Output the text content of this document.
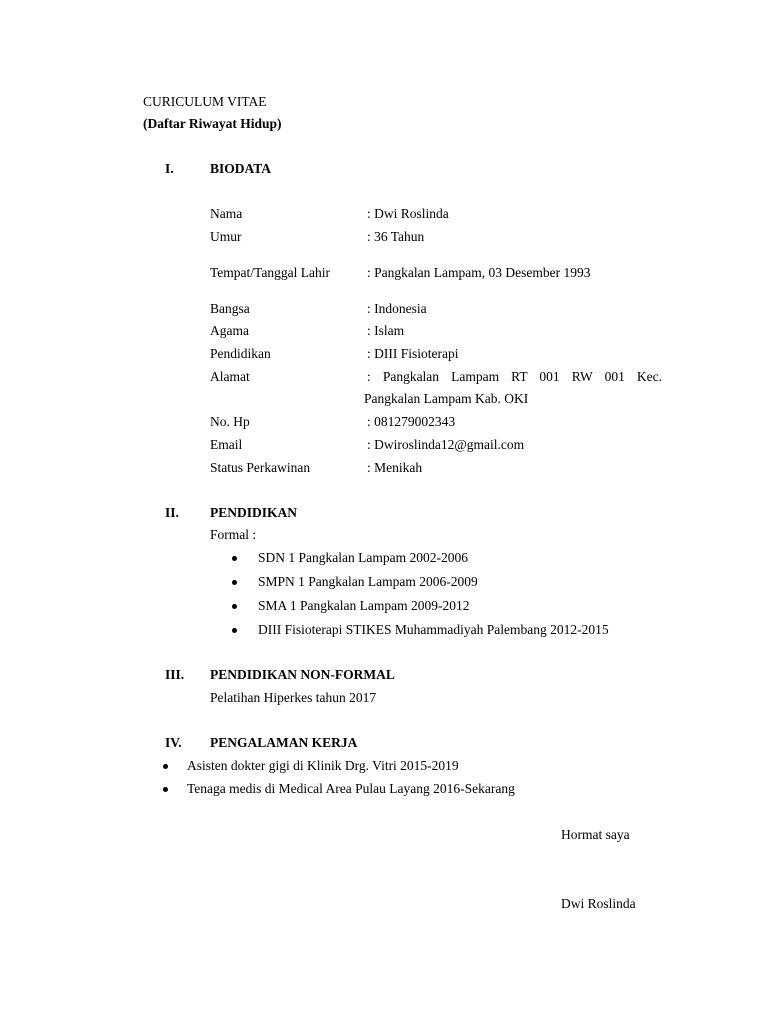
CURICULUM VITAE
(Daftar Riwayat Hidup)
I.	BIODATA
Nama	: Dwi Roslinda
Umur	: 36 Tahun
Tempat/Tanggal Lahir	: Pangkalan Lampam, 03 Desember 1993
Bangsa	: Indonesia
Agama	: Islam
Pendidikan	: DIII Fisioterapi
Alamat	: Pangkalan Lampam RT 001 RW 001 Kec.
Pangkalan Lampam Kab. OKI
No. Hp	: 081279002343
Email	: Dwiroslinda12@gmail.com
Status Perkawinan	: Menikah
II. PENDIDIKAN
Formal :
SDN 1 Pangkalan Lampam 2002-2006
SMPN 1 Pangkalan Lampam 2006-2009
SMA 1 Pangkalan Lampam 2009-2012
DIII Fisioterapi STIKES Muhammadiyah Palembang 2012-2015
III. PENDIDIKAN NON-FORMAL
Pelatihan Hiperkes tahun 2017
IV. PENGALAMAN KERJA
Asisten dokter gigi di Klinik Drg. Vitri 2015-2019
Tenaga medis di Medical Area Pulau Layang 2016-Sekarang
Hormat saya
Dwi Roslinda
